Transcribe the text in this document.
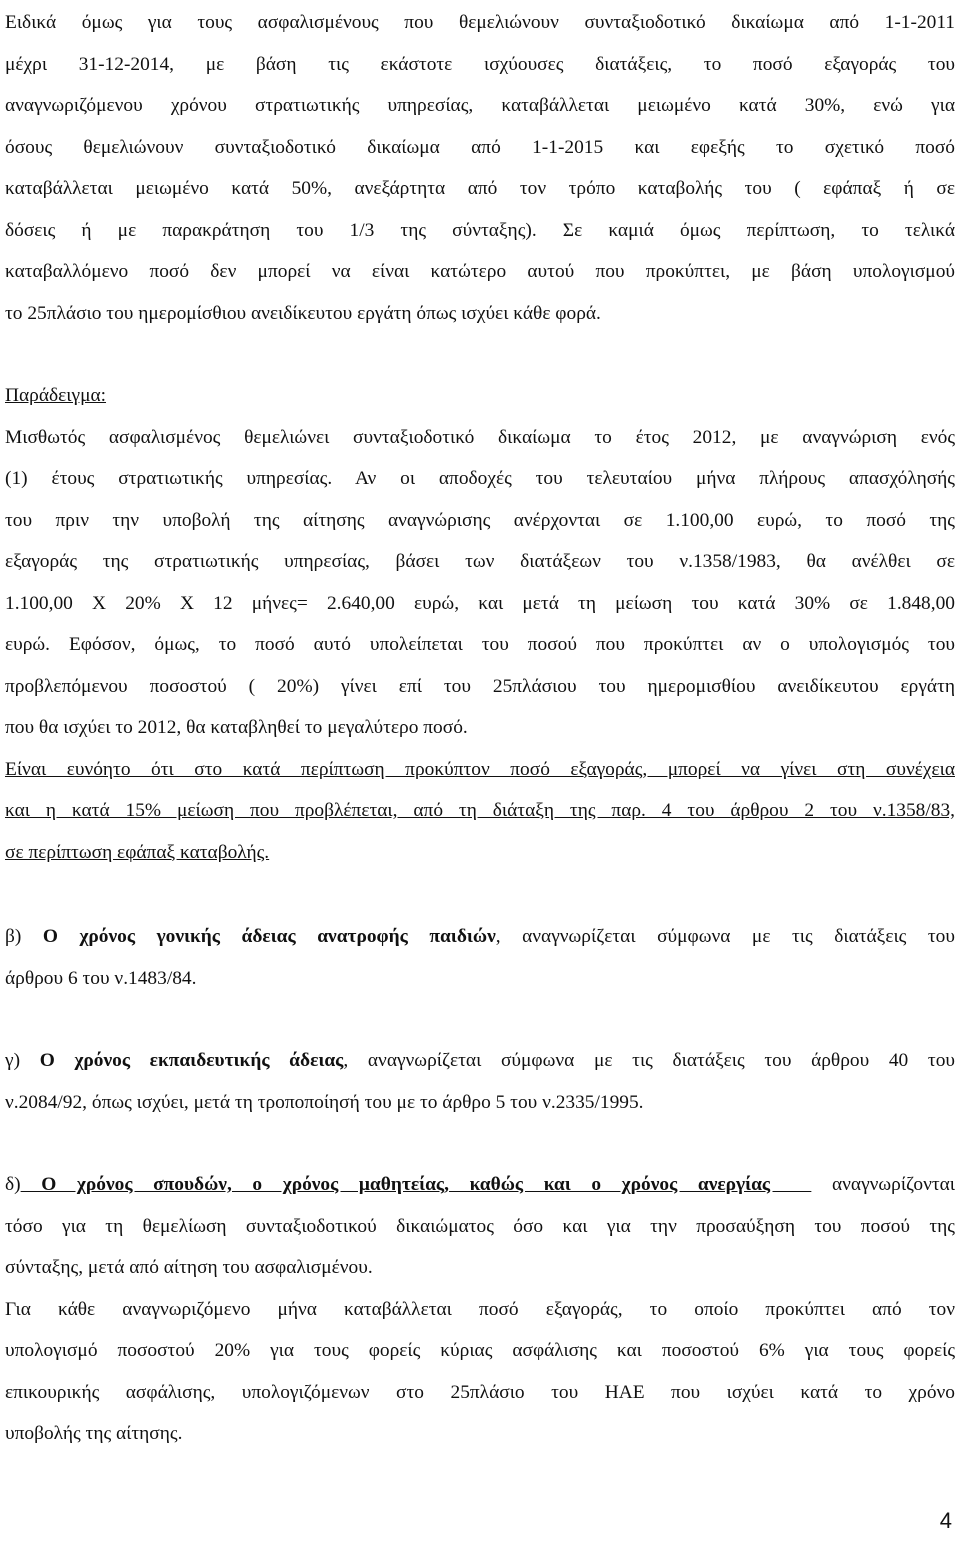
Ειδικά όμως για τους ασφαλισμένους που θεμελιώνουν συνταξιοδοτικό δικαίωμα από 1-1-2011

μέχρι 31-12-2014, με βάση τις εκάστοτε ισχύουσες διατάξεις, το ποσό εξαγοράς του

αναγνωριζόμενου χρόνου στρατιωτικής υπηρεσίας, καταβάλλεται μειωμένο κατά 30%, ενώ για

όσους θεμελιώνουν συνταξιοδοτικό δικαίωμα από 1-1-2015 και εφεξής το σχετικό ποσό

καταβάλλεται μειωμένο κατά 50%, ανεξάρτητα από τον τρόπο καταβολής του ( εφάπαξ ή σε

δόσεις ή με παρακράτηση του 1/3 της σύνταξης). Σε καμιά όμως περίπτωση, το τελικά

καταβαλλόμενο ποσό δεν μπορεί να είναι κατώτερο αυτού που προκύπτει, με βάση υπολογισμού

το 25πλάσιο του ημερομίσθιου ανειδίκευτου εργάτη όπως ισχύει κάθε φορά.

Παράδειγμα:

Μισθωτός ασφαλισμένος θεμελιώνει συνταξιοδοτικό δικαίωμα το έτος 2012, με αναγνώριση ενός

(1) έτους στρατιωτικής υπηρεσίας. Αν οι αποδοχές του τελευταίου μήνα πλήρους απασχόλησής

του πριν την υποβολή της αίτησης αναγνώρισης ανέρχονται σε 1.100,00 ευρώ, το ποσό της

εξαγοράς της στρατιωτικής υπηρεσίας, βάσει των διατάξεων του ν.1358/1983, θα ανέλθει σε

1.100,00 Χ 20% Χ 12 μήνες= 2.640,00 ευρώ, και μετά τη μείωση του κατά 30% σε 1.848,00

ευρώ. Εφόσον, όμως, το ποσό αυτό υπολείπεται του ποσού που προκύπτει αν ο υπολογισμός του

προβλεπόμενου ποσοστού ( 20%) γίνει επί του 25πλάσιου του ημερομισθίου ανειδίκευτου εργάτη

που θα ισχύει το 2012, θα καταβληθεί το μεγαλύτερο ποσό.

Είναι ευνόητο ότι στο κατά περίπτωση προκύπτον ποσό εξαγοράς, μπορεί να γίνει στη συνέχεια

και η κατά 15% μείωση που προβλέπεται, από τη διάταξη της παρ. 4 του άρθρου 2 του ν.1358/83,

σε περίπτωση εφάπαξ καταβολής.

β) Ο χρόνος γονικής άδειας ανατροφής παιδιών, αναγνωρίζεται σύμφωνα με τις διατάξεις του

άρθρου 6 του ν.1483/84.

γ) Ο χρόνος εκπαιδευτικής άδειας, αναγνωρίζεται σύμφωνα με τις διατάξεις του άρθρου 40 του

ν.2084/92, όπως ισχύει, μετά τη τροποποίησή του με το άρθρο 5 του ν.2335/1995.

δ) Ο χρόνος σπουδών, ο χρόνος μαθητείας, καθώς και ο χρόνος ανεργίας   αναγνωρίζονται

τόσο για τη θεμελίωση συνταξιοδοτικού δικαιώματος όσο και για την προσαύξηση του ποσού της

σύνταξης, μετά από αίτηση του ασφαλισμένου.

Για κάθε αναγνωριζόμενο μήνα καταβάλλεται ποσό εξαγοράς, το οποίο προκύπτει από τον

υπολογισμό ποσοστού 20% για τους φορείς κύριας ασφάλισης και ποσοστού 6% για τους φορείς

επικουρικής ασφάλισης, υπολογιζόμενων στο 25πλάσιο του ΗΑΕ που ισχύει κατά το χρόνο

υποβολής της αίτησης.

4
